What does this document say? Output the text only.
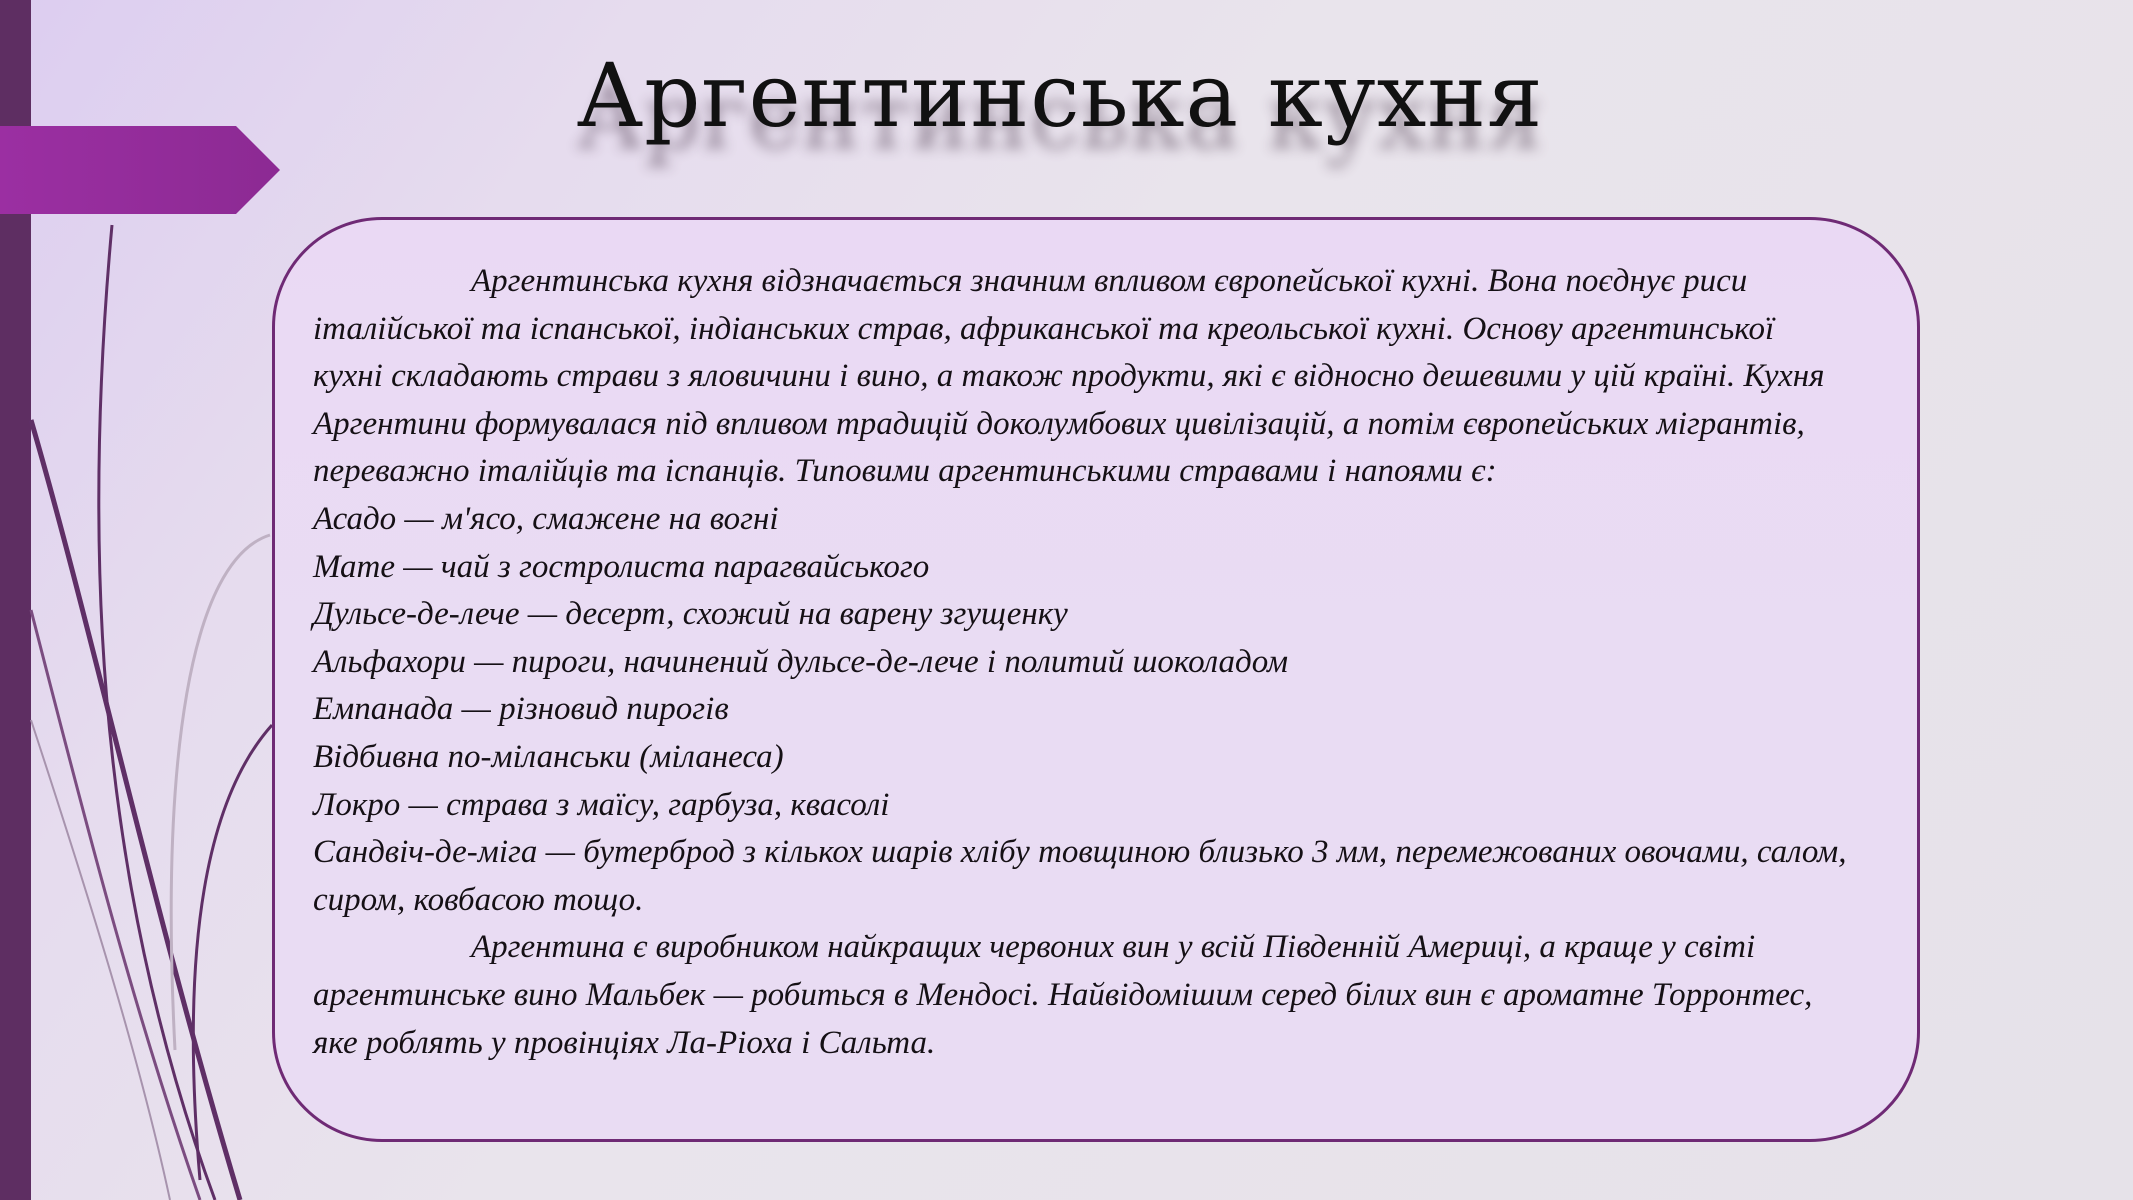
Аргентинська кухня

Аргентинська кухня відзначається значним впливом європейської кухні. Вона поєднує риси італійської та іспанської, індіанських страв, африканської та креольської кухні. Основу аргентинської кухні складають страви з яловичини і вино, а також продукти, які є відносно дешевими у цій країні. Кухня Аргентини формувалася під впливом традицій доколумбових цивілізацій, а потім європейських мігрантів, переважно італійців та іспанців. Типовими аргентинськими стравами і напоями є:

Асадо — м'ясо, смажене на вогні
Мате — чай з гостролиста парагвайського
Дульсе-де-лече — десерт, схожий на варену згущенку
Альфахори — пироги, начинений дульсе-де-лече і политий шоколадом
Емпанада — різновид пирогів
Відбивна по-міланськи (міланеса)
Локро — страва з маїсу, гарбуза, квасолі
Сандвіч-де-міга — бутерброд з кількох шарів хлібу товщиною близько 3 мм, перемежованих овочами, салом, сиром, ковбасою тощо.

Аргентина є виробником найкращих червоних вин у всій Південній Америці, а краще у світі аргентинське вино Мальбек — робиться в Мендосі. Найвідомішим серед білих вин є ароматне Торронтес, яке роблять у провінціях Ла-Ріоха і Сальта.
